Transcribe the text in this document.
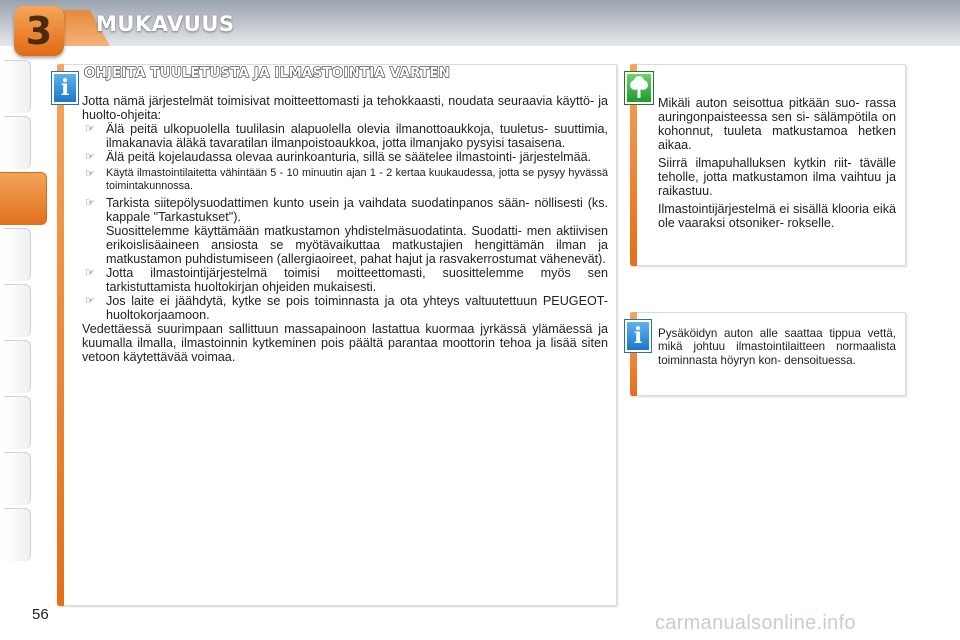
3	MUKAVUUS
i
OHJEITA TUULETUSTA JA ILMASTOINTIA VARTEN

Jotta nämä järjestelmät toimisivat moitteettomasti ja tehokkaasti, noudata seuraavia käyttö- ja huolto-ohjeita:

☞ Älä peitä ulkopuolella tuulilasin alapuolella olevia ilmanottoaukkoja, tuuletus- suuttimia, ilmakanavia äläkä tavaratilan ilmanpoistoaukkoa, jotta ilmanjako pysyisi tasaisena.

☞ Älä peitä kojelaudassa olevaa aurinkoanturia, sillä se säätelee ilmastointi- järjestelmää.

☞ Käytä ilmastointilaitetta vähintään 5 - 10 minuutin ajan 1 - 2 kertaa kuukaudessa, jotta se pysyy hyvässä toimintakunnossa.

☞ Tarkista siitepölysuodattimen kunto usein ja vaihdata suodatinpanos sään- nöllisesti (ks. kappale "Tarkastukset").

Suosittelemme käyttämään matkustamon yhdistelmäsuodatinta. Suodatti- men aktiivisen erikoislisäaineen ansiosta se myötävaikuttaa matkustajien hengittämän ilman ja matkustamon puhdistumiseen (allergiaoireet, pahat hajut ja rasvakerrostumat vähenevät).

☞ Jotta ilmastointijärjestelmä toimisi moitteettomasti, suosittelemme myös sen tarkistuttamista huoltokirjan ohjeiden mukaisesti.

☞ Jos laite ei jäähdytä, kytke se pois toiminnasta ja ota yhteys valtuutettuun PEUGEOT-huoltokorjaamoon.

Vedettäessä suurimpaan sallittuun massapainoon lastattua kuormaa jyrkässä ylämäessä ja kuumalla ilmalla, ilmastoinnin kytkeminen pois päältä parantaa moottorin tehoa ja lisää siten vetoon käytettävää voimaa.

Mikäli auton seisottua pitkään suo- rassa auringonpaisteessa sen si- sälämpötila on kohonnut, tuuleta matkustamoa hetken aikaa.

Siirrä ilmapuhalluksen kytkin riit- tävälle teholle, jotta matkustamon ilma vaihtuu ja raikastuu.

Ilmastointijärjestelmä ei sisällä klooria eikä ole vaaraksi otsoniker- rokselle.

i	Pysäköidyn auton alle saattaa tippua vettä, mikä johtuu ilmastointilaitteen normaalista toiminnasta höyryn kon- densoituessa.
56	carmanualsonline.info
